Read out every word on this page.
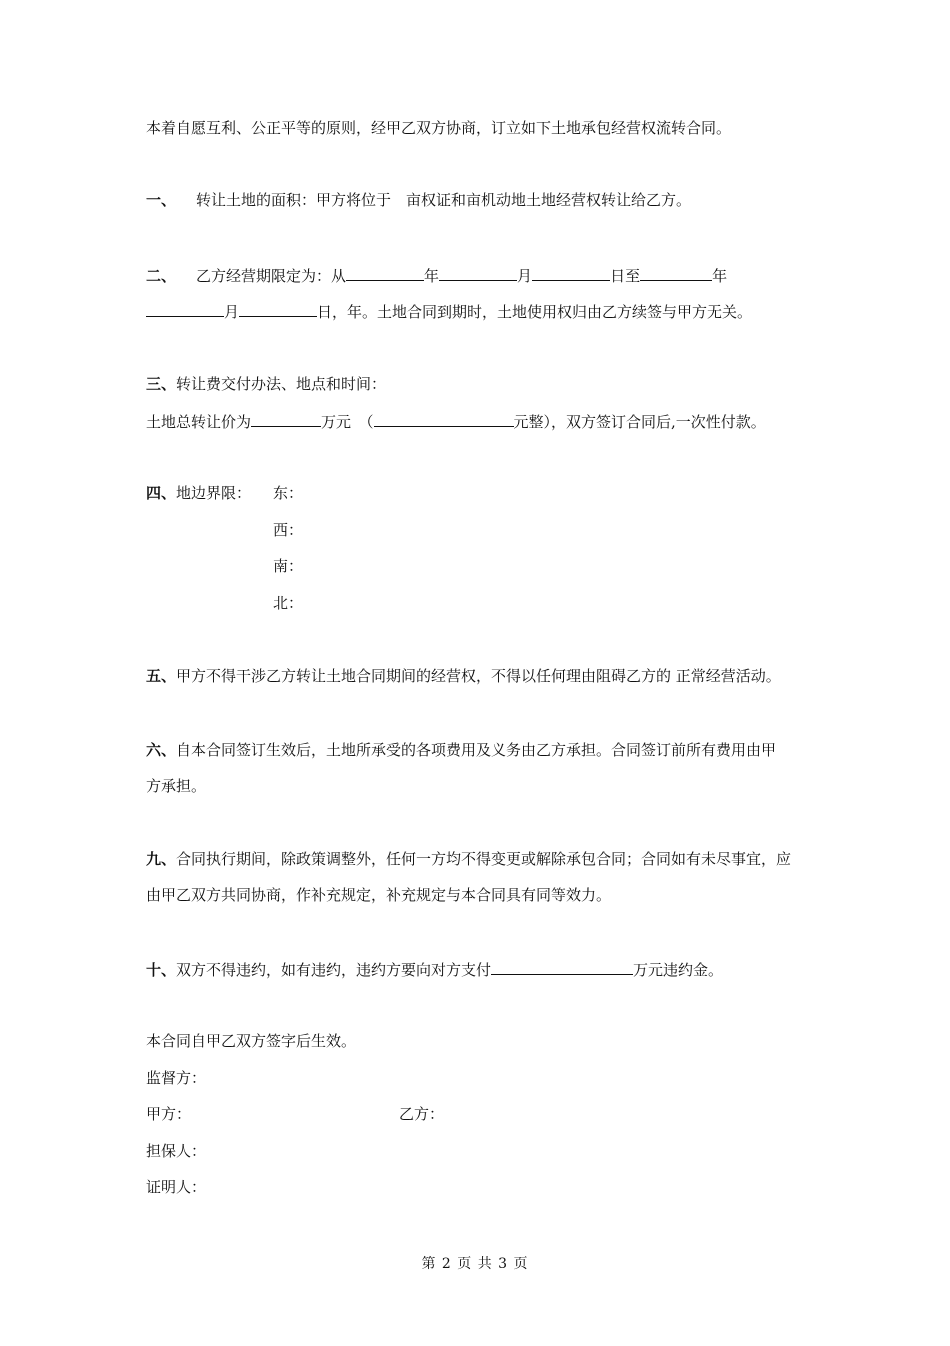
本着自愿互利、公正平等的原则，经甲乙双方协商，订立如下土地承包经营权流转合同。
一、 转让土地的面积：甲方将位于　亩权证和亩机动地土地经营权转让给乙方。
二、 乙方经营期限定为：从	年	月	日至	年
月	日，年。土地合同到期时，土地使用权归由乙方续签与甲方无关。
三、转让费交付办法、地点和时间：
土地总转让价为	万元　（	元整），双方签订合同后,一次性付款。
四、地边界限： 东：
西：
南：
北：
五、甲方不得干涉乙方转让土地合同期间的经营权，不得以任何理由阻碍乙方的 正常经营活动。
六、自本合同签订生效后，土地所承受的各项费用及义务由乙方承担。合同签订前所有费用由甲
方承担。
九、合同执行期间，除政策调整外，任何一方均不得变更或解除承包合同；合同如有未尽事宜，应
由甲乙双方共同协商，作补充规定，补充规定与本合同具有同等效力。
十、双方不得违约，如有违约，违约方要向对方支付	万元违约金。
本合同自甲乙双方签字后生效。
监督方：
甲方：	乙方：
担保人：
证明人：
第 2 页 共 3 页
